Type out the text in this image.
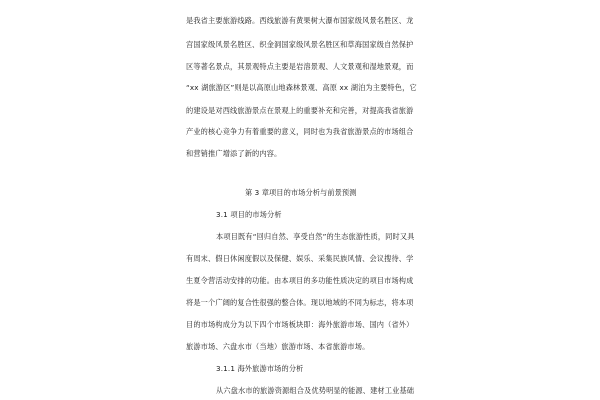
是我省主要旅游线路。西线旅游有黄果树大瀑布国家级风景名胜区、龙
宫国家级风景名胜区、织金洞国家级风景名胜区和草海国家级自然保护
区等著名景点，其景观特点主要是岩溶景观、人文景观和湿地景观，而
“xx 湖旅游区”则是以高原山地森林景观、高原 xx 湖泊为主要特色，它
的建设是对西线旅游景点在景观上的重要补充和完善，对提高我省旅游
产业的核心竞争力有着重要的意义，同时也为我省旅游景点的市场组合
和营销推广增添了新的内容。
第 3 章项目的市场分析与前景预测
3.1 项目的市场分析
本项目既有“回归自然、享受自然”的生态旅游性质，同时又具
有周末、假日休闲度假以及保健、娱乐、采集民族风情、会议搜待、学
生夏令营活动安排的功能。由本项目的多功能性质决定的项目市场构成
将是一个广阔的复合性很强的整合体。现以地域的不同为标志，将本项
目的市场构成分为以下四个市场板块即：海外旅游市场、国内（省外）
旅游市场、六盘水市（当地）旅游市场、本省旅游市场。
3.1.1 海外旅游市场的分析
从六盘水市的旅游资源组合及优势明显的能源、建材工业基础
